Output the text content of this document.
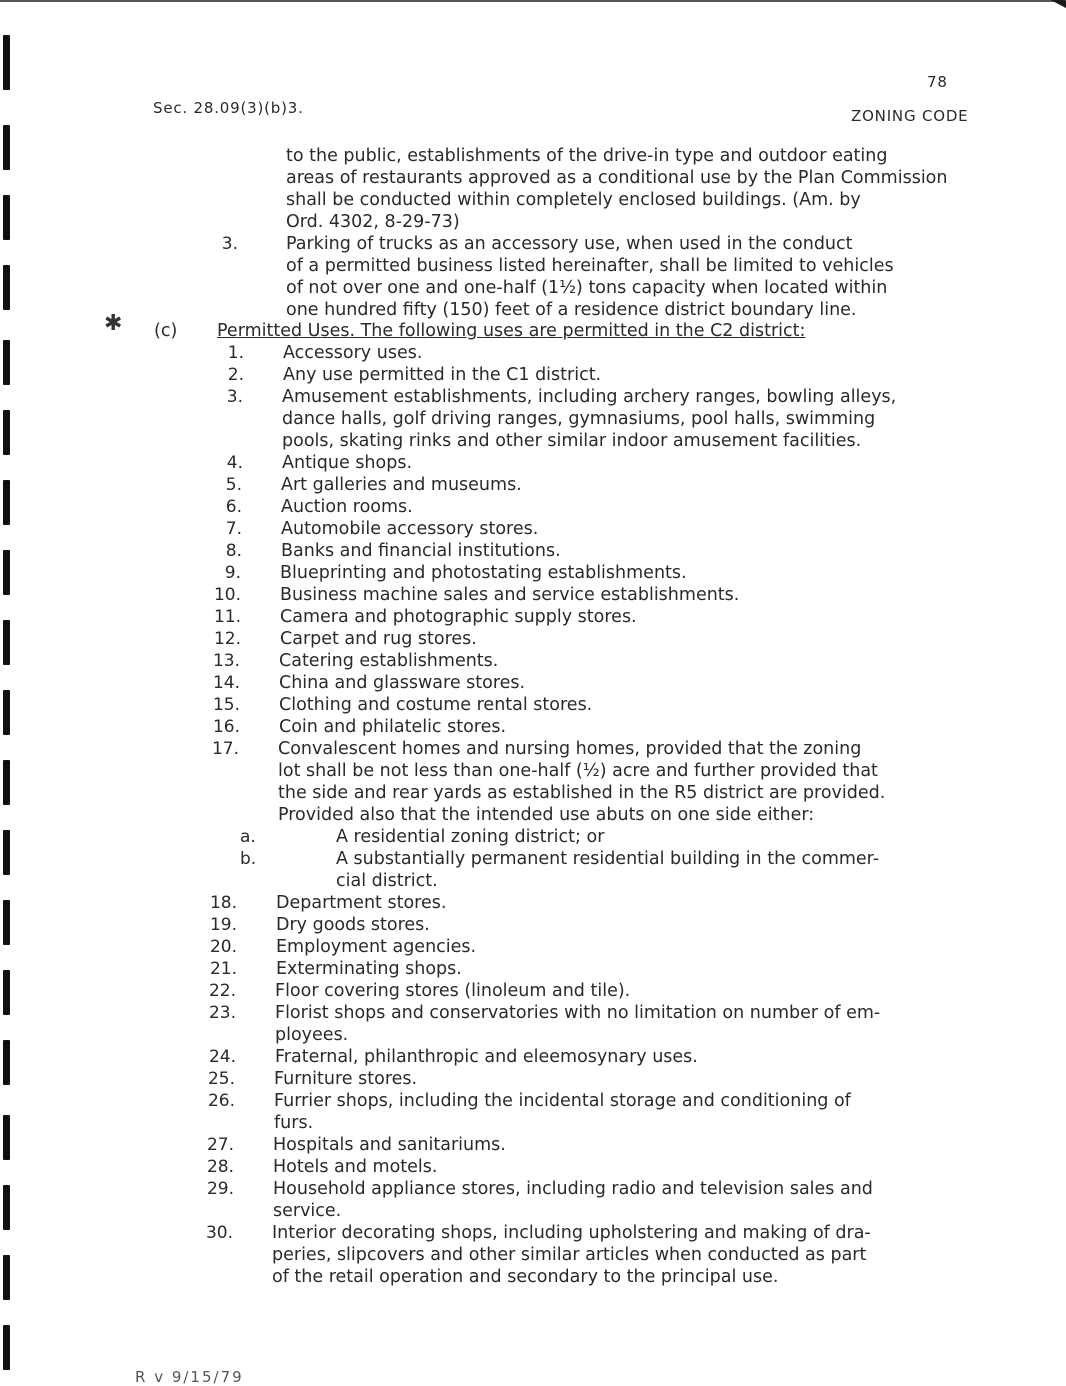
Sec. 28.09(3)(b)3.
78
ZONING CODE
to the public, establishments of the drive-in type and outdoor eating
areas of restaurants approved as a conditional use by the Plan Commission
shall be conducted within completely enclosed buildings. (Am. by
Ord. 4302, 8-29-73)
3.	Parking of trucks as an accessory use, when used in the conduct
of a permitted business listed hereinafter, shall be limited to vehicles
of not over one and one-half (1½) tons capacity when located within
one hundred fifty (150) feet of a residence district boundary line.
✱ (c) Permitted Uses. The following uses are permitted in the C2 district:
1. Accessory uses.
2. Any use permitted in the C1 district.
3. Amusement establishments, including archery ranges, bowling alleys,
dance halls, golf driving ranges, gymnasiums, pool halls, swimming
pools, skating rinks and other similar indoor amusement facilities.
4. Antique shops.
5. Art galleries and museums.
6. Auction rooms.
7. Automobile accessory stores.
8. Banks and financial institutions.
9. Blueprinting and photostating establishments.
10. Business machine sales and service establishments.
11. Camera and photographic supply stores.
12. Carpet and rug stores.
13. Catering establishments.
14. China and glassware stores.
15. Clothing and costume rental stores.
16. Coin and philatelic stores.
17. Convalescent homes and nursing homes, provided that the zoning
lot shall be not less than one-half (½) acre and further provided that
the side and rear yards as established in the R5 district are provided.
Provided also that the intended use abuts on one side either:
a.	A residential zoning district; or
b.	A substantially permanent residential building in the commer-
cial district.
18. Department stores.
19. Dry goods stores.
20. Employment agencies.
21. Exterminating shops.
22. Floor covering stores (linoleum and tile).
23. Florist shops and conservatories with no limitation on number of em-
ployees.
24. Fraternal, philanthropic and eleemosynary uses.
25. Furniture stores.
26. Furrier shops, including the incidental storage and conditioning of
furs.
27. Hospitals and sanitariums.
28. Hotels and motels.
29. Household appliance stores, including radio and television sales and
service.
30. Interior decorating shops, including upholstering and making of dra-
peries, slipcovers and other similar articles when conducted as part
of the retail operation and secondary to the principal use.
R v 9/15/79
